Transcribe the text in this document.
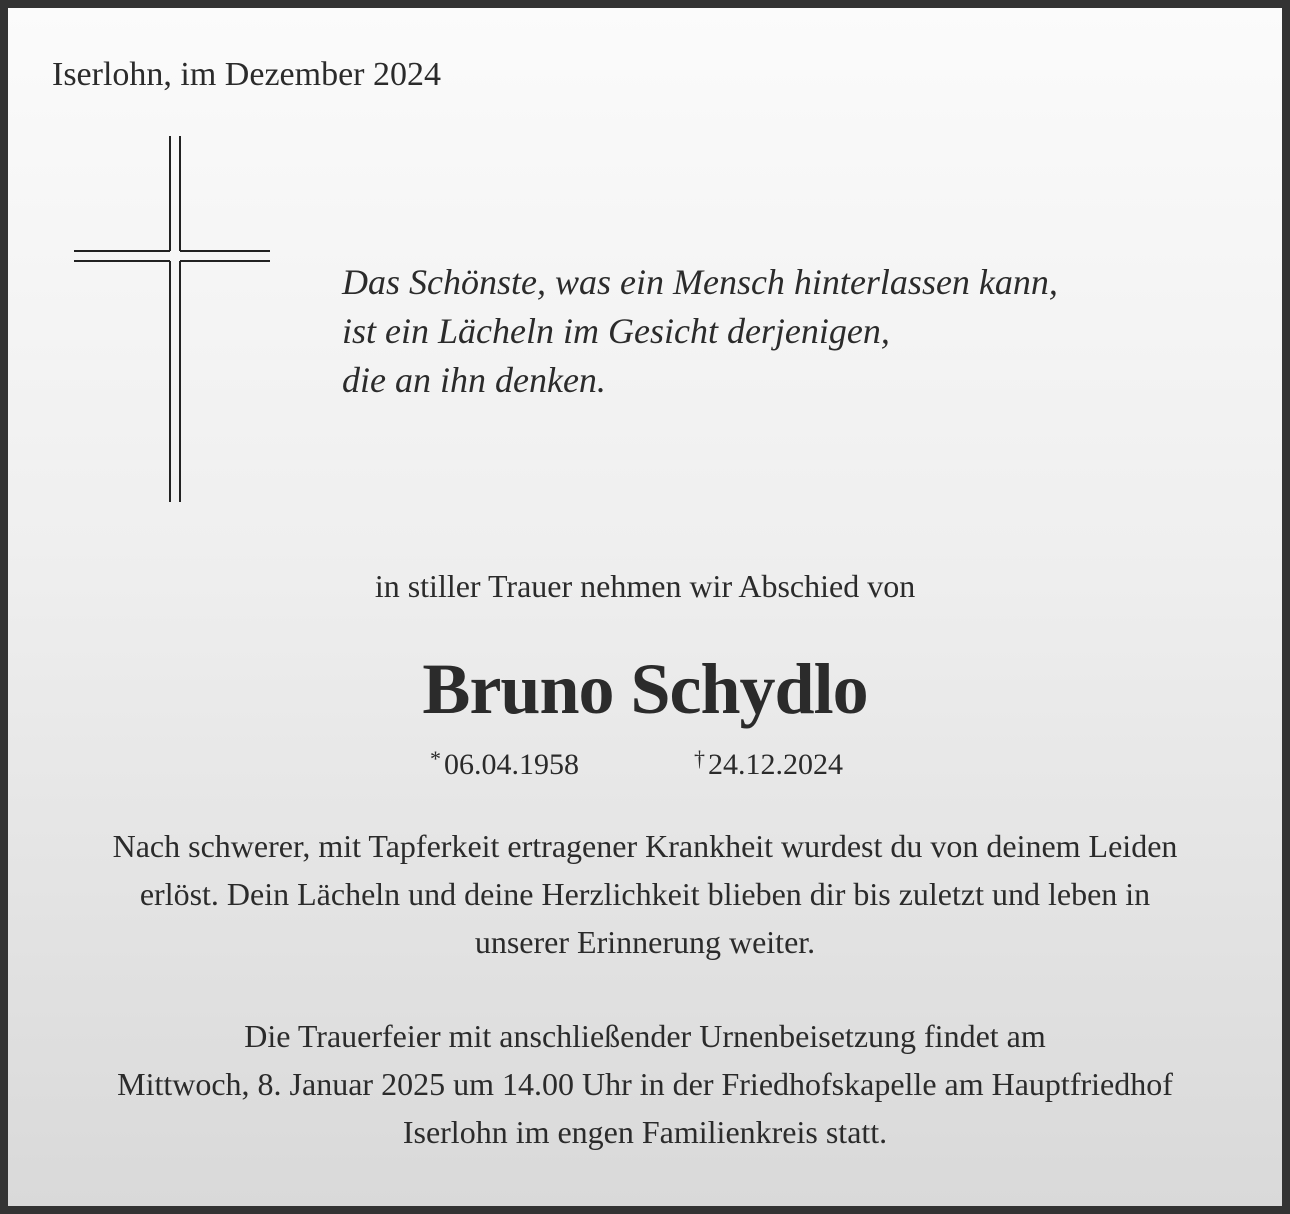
Iserlohn, im Dezember 2024
Das Schönste, was ein Mensch hinterlassen kann,
ist ein Lächeln im Gesicht derjenigen,
die an ihn denken.
in stiller Trauer nehmen wir Abschied von
Bruno Schydlo
* 06.04.1958	† 24.12.2024
Nach schwerer, mit Tapferkeit ertragener Krankheit wurdest du von deinem Leiden
erlöst. Dein Lächeln und deine Herzlichkeit blieben dir bis zuletzt und leben in
unserer Erinnerung weiter.
Die Trauerfeier mit anschließender Urnenbeisetzung findet am
Mittwoch, 8. Januar 2025 um 14.00 Uhr in der Friedhofskapelle am Hauptfriedhof
Iserlohn im engen Familienkreis statt.
